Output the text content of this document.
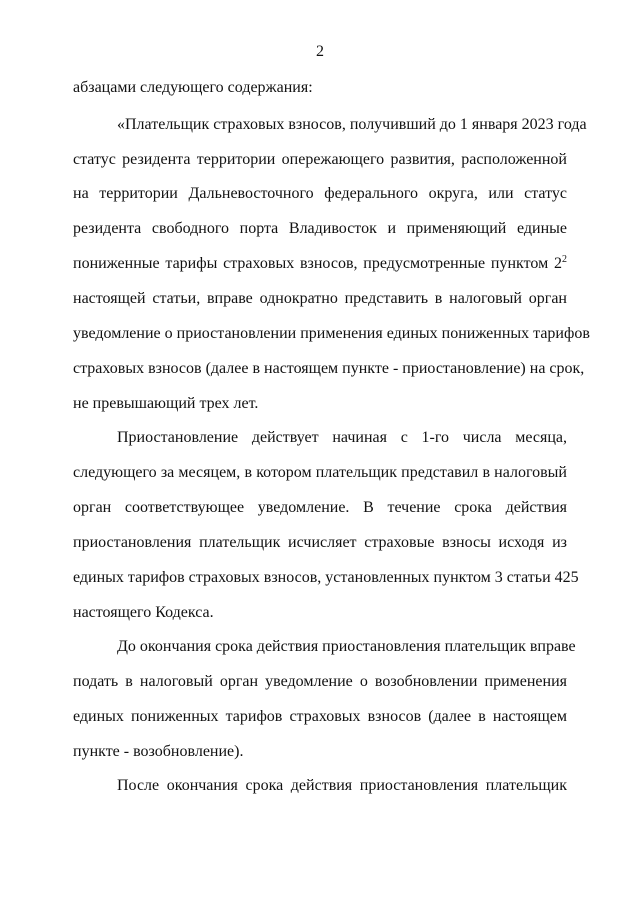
2
абзацами следующего содержания:
«Плательщик страховых взносов, получивший до 1 января 2023 года
статус резидента территории опережающего развития, расположенной
на территории Дальневосточного федерального округа, или статус
резидента свободного порта Владивосток и применяющий единые
пониженные тарифы страховых взносов, предусмотренные пунктом $2^2$
настоящей статьи, вправе однократно представить в налоговый орган
уведомление о приостановлении применения единых пониженных тарифов
страховых взносов (далее в настоящем пункте - приостановление) на срок,
не превышающий трех лет.
Приостановление действует начиная с 1-го числа месяца,
следующего за месяцем, в котором плательщик представил в налоговый
орган соответствующее уведомление. В течение срока действия
приостановления плательщик исчисляет страховые взносы исходя из
единых тарифов страховых взносов, установленных пунктом 3 статьи 425
настоящего Кодекса.
До окончания срока действия приостановления плательщик вправе
подать в налоговый орган уведомление о возобновлении применения
единых пониженных тарифов страховых взносов (далее в настоящем
пункте - возобновление).
После окончания срока действия приостановления плательщик
